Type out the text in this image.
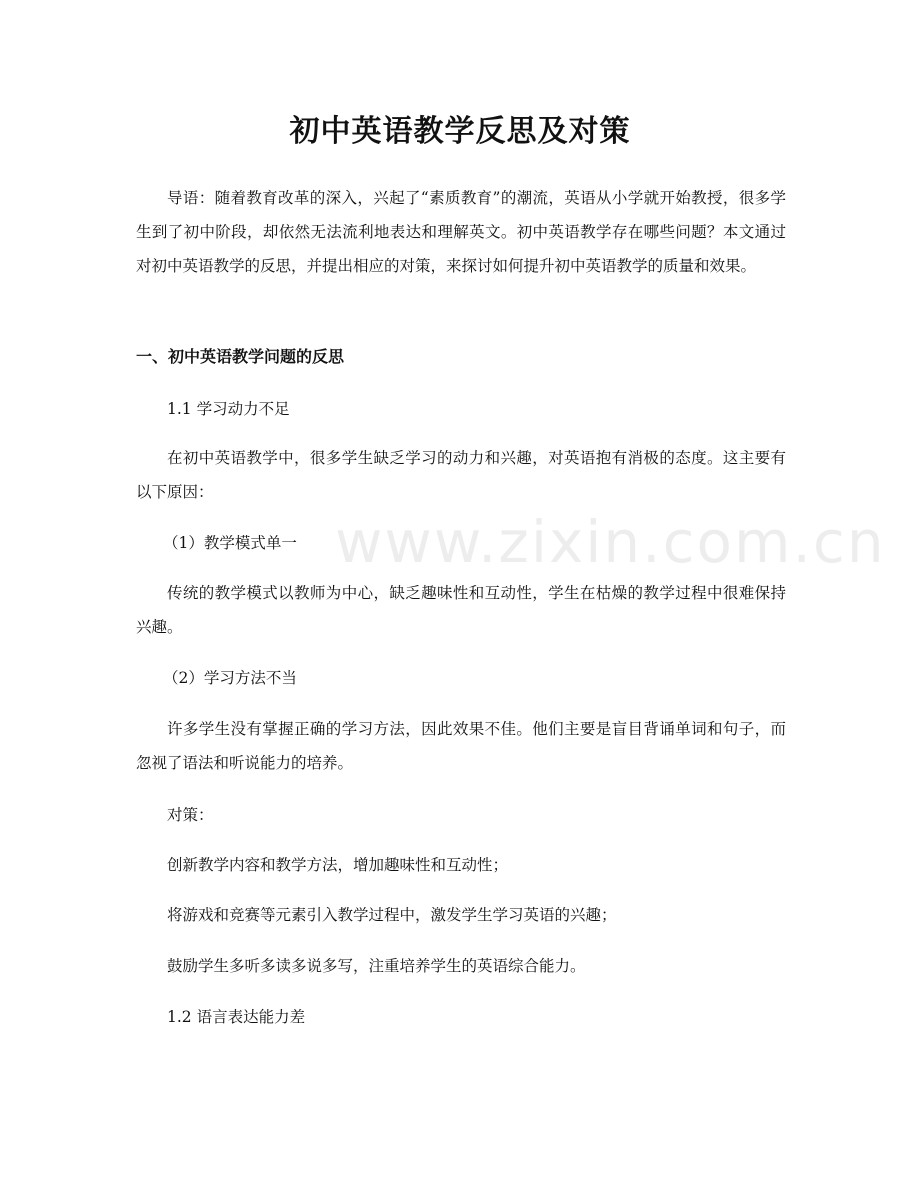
www.zixin.com.cn
初中英语教学反思及对策

导语：随着教育改革的深入，兴起了“素质教育”的潮流，英语从小学就开始教授，很多学生到了初中阶段，却依然无法流利地表达和理解英文。初中英语教学存在哪些问题？本文通过对初中英语教学的反思，并提出相应的对策，来探讨如何提升初中英语教学的质量和效果。

一、初中英语教学问题的反思

1.1 学习动力不足

在初中英语教学中，很多学生缺乏学习的动力和兴趣，对英语抱有消极的态度。这主要有以下原因：

（1）教学模式单一

传统的教学模式以教师为中心，缺乏趣味性和互动性，学生在枯燥的教学过程中很难保持兴趣。

（2）学习方法不当

许多学生没有掌握正确的学习方法，因此效果不佳。他们主要是盲目背诵单词和句子，而忽视了语法和听说能力的培养。

对策：

创新教学内容和教学方法，增加趣味性和互动性；

将游戏和竞赛等元素引入教学过程中，激发学生学习英语的兴趣；

鼓励学生多听多读多说多写，注重培养学生的英语综合能力。

1.2 语言表达能力差
